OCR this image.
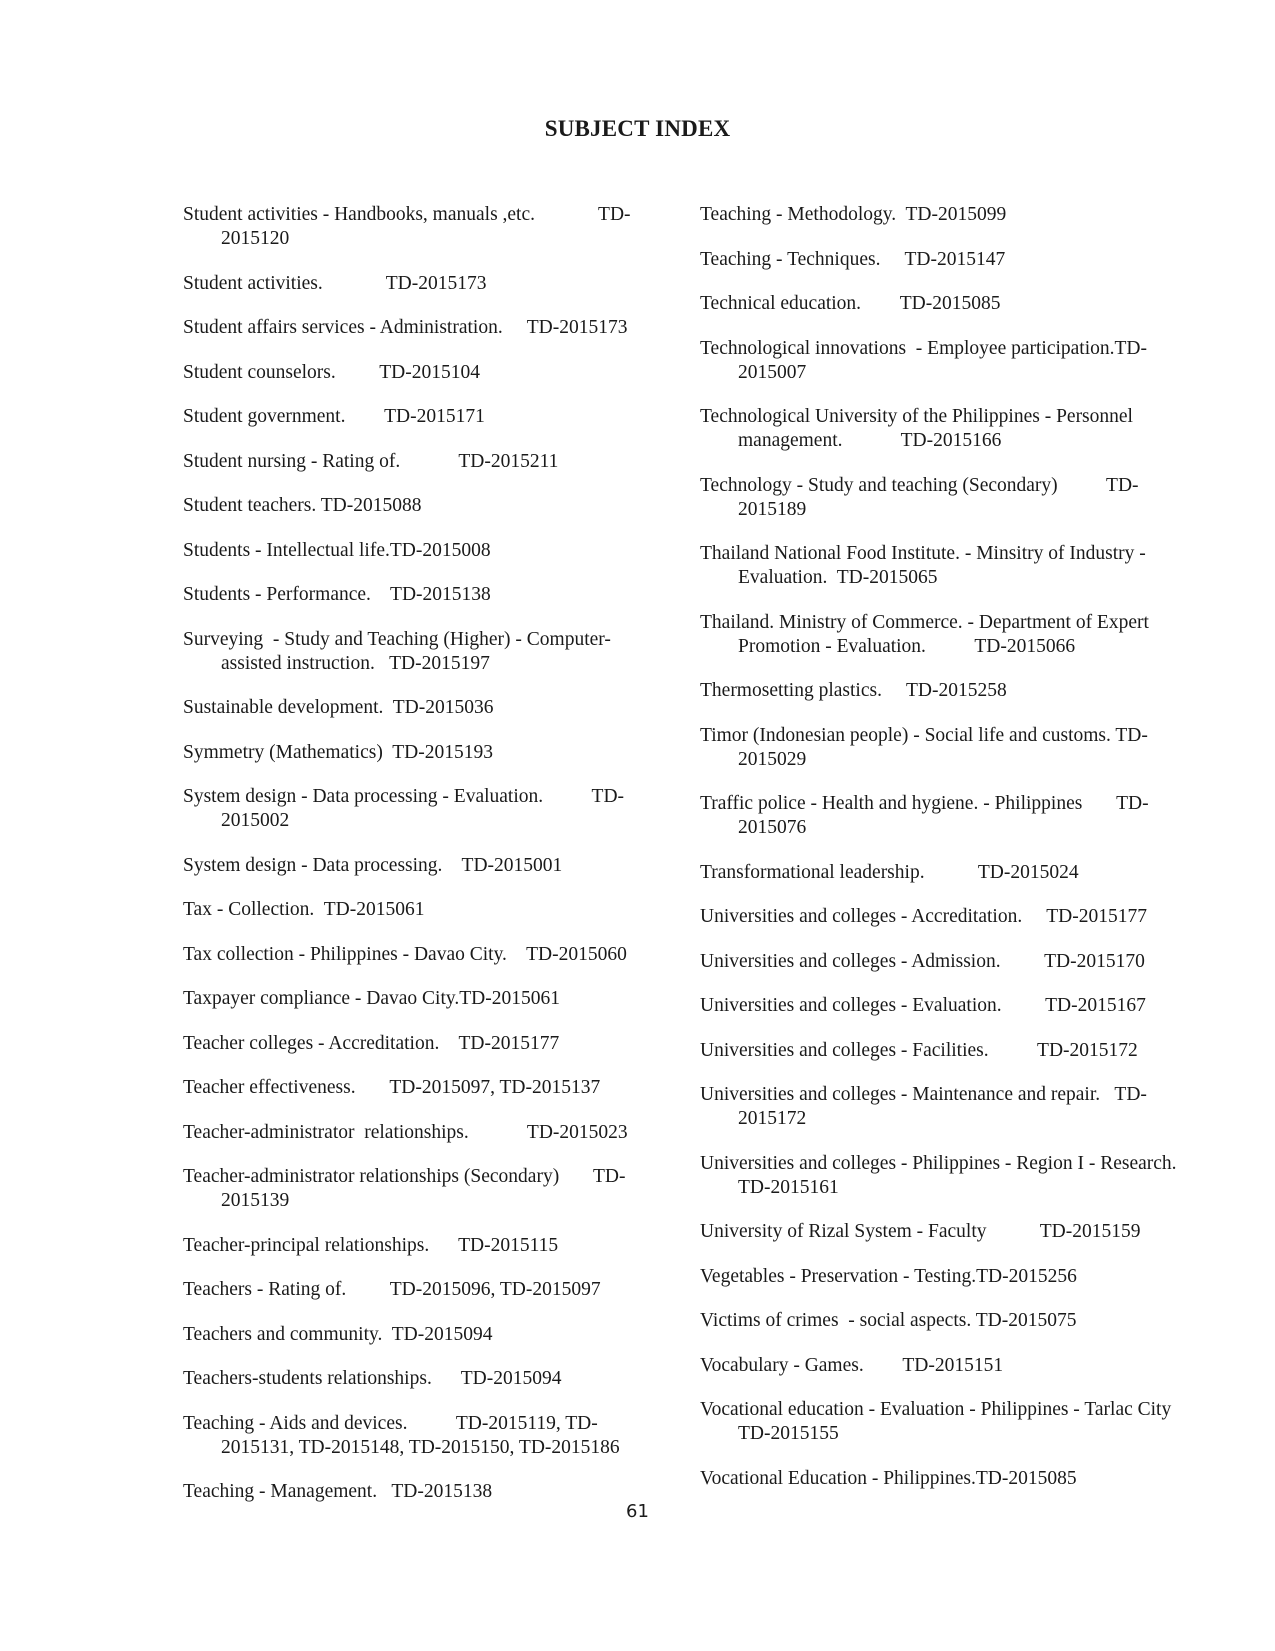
SUBJECT INDEX

Student activities - Handbooks, manuals ,etc.             TD-2015120

Student activities.             TD-2015173

Student affairs services - Administration.     TD-2015173

Student counselors.         TD-2015104

Student government.        TD-2015171

Student nursing - Rating of.            TD-2015211

Student teachers. TD-2015088

Students - Intellectual life.TD-2015008

Students - Performance.    TD-2015138

Surveying  - Study and Teaching (Higher) - Computer-assisted instruction.   TD-2015197

Sustainable development.  TD-2015036

Symmetry (Mathematics)  TD-2015193

System design - Data processing - Evaluation.          TD-2015002

System design - Data processing.    TD-2015001

Tax - Collection.  TD-2015061

Tax collection - Philippines - Davao City.    TD-2015060

Taxpayer compliance - Davao City.TD-2015061

Teacher colleges - Accreditation.    TD-2015177

Teacher effectiveness.       TD-2015097, TD-2015137

Teacher-administrator  relationships.            TD-2015023

Teacher-administrator relationships (Secondary)       TD-2015139

Teacher-principal relationships.      TD-2015115

Teachers - Rating of.         TD-2015096, TD-2015097

Teachers and community.  TD-2015094

Teachers-students relationships.      TD-2015094

Teaching - Aids and devices.          TD-2015119, TD-2015131, TD-2015148, TD-2015150, TD-2015186

Teaching - Management.   TD-2015138

Teaching - Methodology.  TD-2015099

Teaching - Techniques.     TD-2015147

Technical education.        TD-2015085

Technological innovations  - Employee participation.TD-2015007

Technological University of the Philippines - Personnel management.            TD-2015166

Technology - Study and teaching (Secondary)          TD-2015189

Thailand National Food Institute. - Minsitry of Industry - Evaluation.  TD-2015065

Thailand. Ministry of Commerce. - Department of Expert Promotion - Evaluation.          TD-2015066

Thermosetting plastics.     TD-2015258

Timor (Indonesian people) - Social life and customs. TD-2015029

Traffic police - Health and hygiene. - Philippines       TD-2015076

Transformational leadership.           TD-2015024

Universities and colleges - Accreditation.     TD-2015177

Universities and colleges - Admission.         TD-2015170

Universities and colleges - Evaluation.         TD-2015167

Universities and colleges - Facilities.          TD-2015172

Universities and colleges - Maintenance and repair.   TD-2015172

Universities and colleges - Philippines - Region I - Research.    TD-2015161

University of Rizal System - Faculty           TD-2015159

Vegetables - Preservation - Testing.TD-2015256

Victims of crimes  - social aspects. TD-2015075

Vocabulary - Games.        TD-2015151

Vocational education - Evaluation - Philippines - Tarlac City            TD-2015155

Vocational Education - Philippines.TD-2015085

61
